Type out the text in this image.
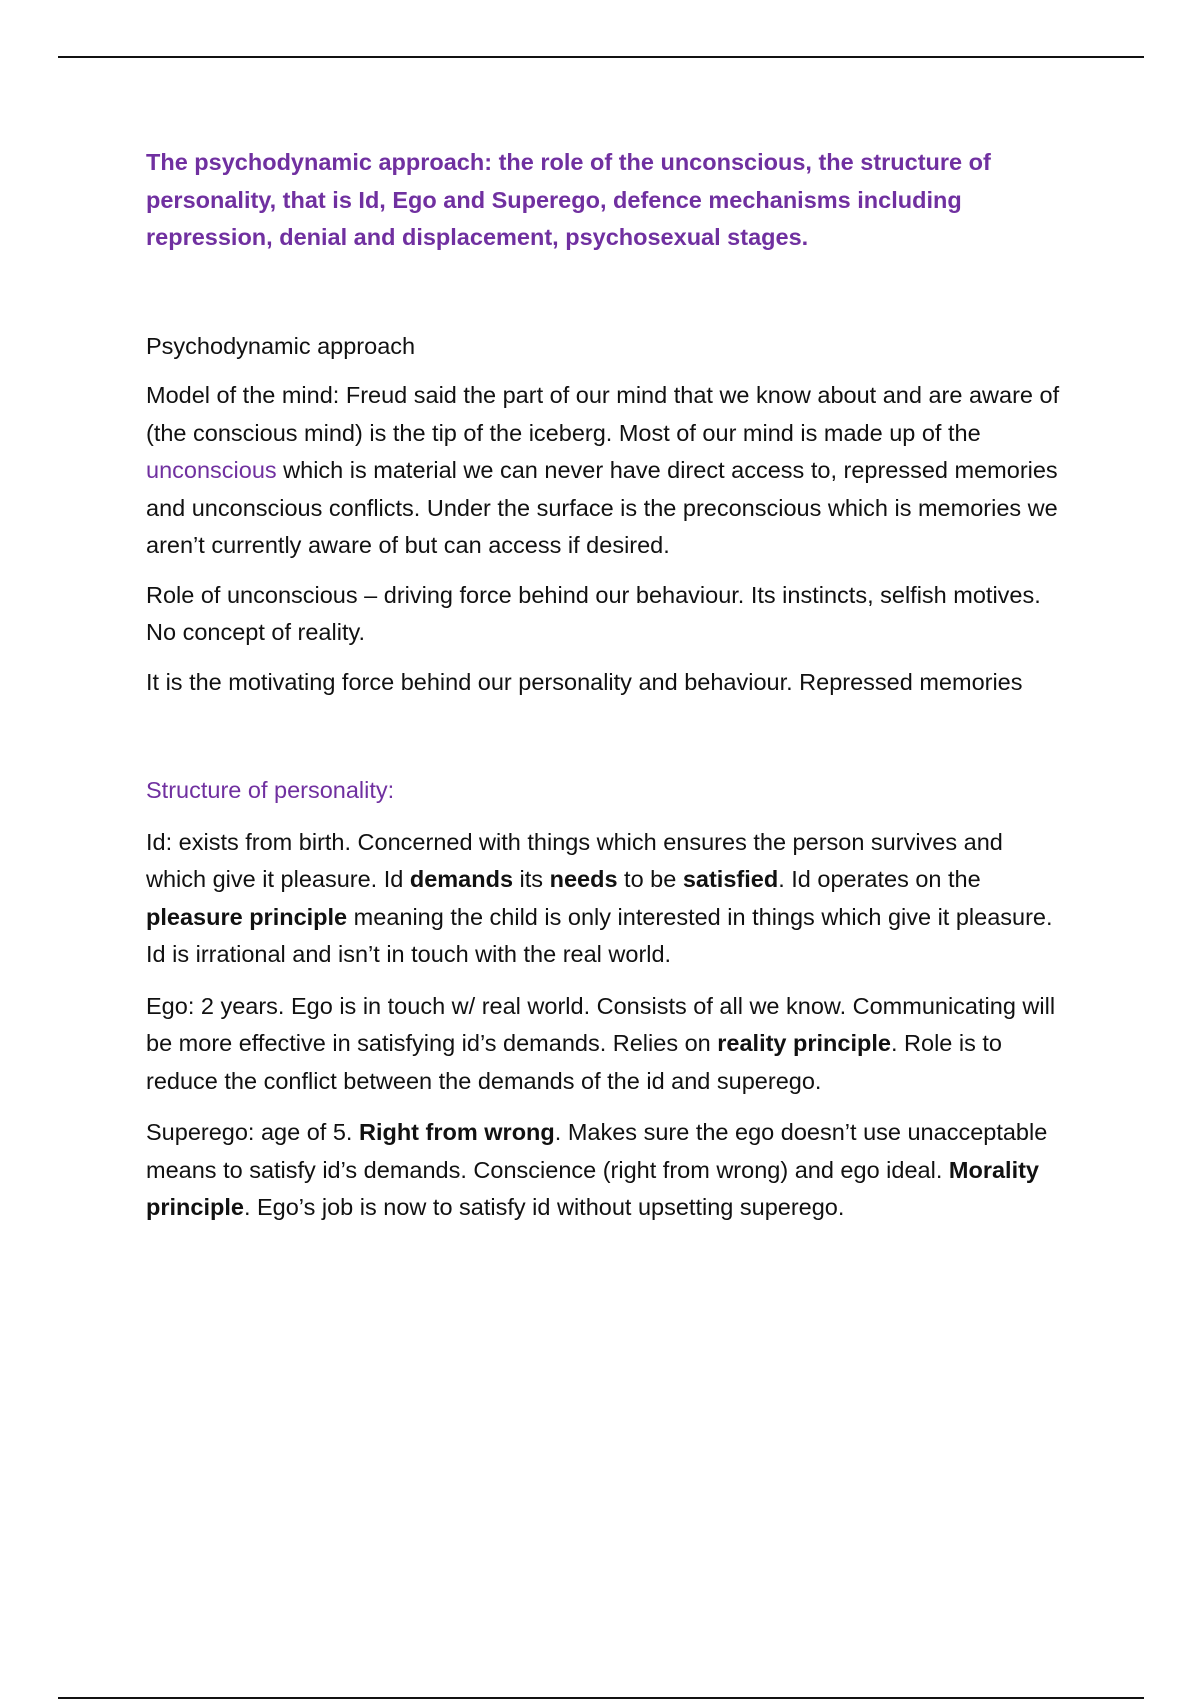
The psychodynamic approach: the role of the unconscious, the structure of personality, that is Id, Ego and Superego, defence mechanisms including repression, denial and displacement, psychosexual stages.

Psychodynamic approach

Model of the mind: Freud said the part of our mind that we know about and are aware of (the conscious mind) is the tip of the iceberg. Most of our mind is made up of the unconscious which is material we can never have direct access to, repressed memories and unconscious conflicts. Under the surface is the preconscious which is memories we aren’t currently aware of but can access if desired.

Role of unconscious – driving force behind our behaviour. Its instincts, selfish motives. No concept of reality.

It is the motivating force behind our personality and behaviour. Repressed memories

Structure of personality:

Id: exists from birth. Concerned with things which ensures the person survives and which give it pleasure. Id demands its needs to be satisfied. Id operates on the pleasure principle meaning the child is only interested in things which give it pleasure. Id is irrational and isn’t in touch with the real world.

Ego: 2 years. Ego is in touch w/ real world. Consists of all we know. Communicating will be more effective in satisfying id’s demands. Relies on reality principle. Role is to reduce the conflict between the demands of the id and superego.

Superego: age of 5. Right from wrong. Makes sure the ego doesn’t use unacceptable means to satisfy id’s demands. Conscience (right from wrong) and ego ideal. Morality principle. Ego’s job is now to satisfy id without upsetting superego.
